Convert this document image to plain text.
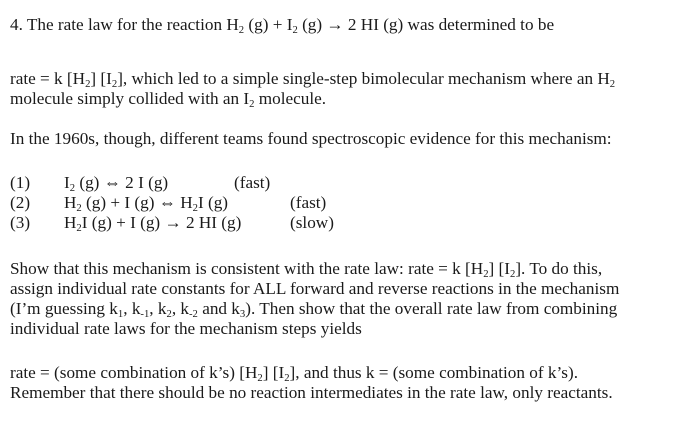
4. The rate law for the reaction $H_2$ $(g) + I_2$ (g) → 2 HI (g) was determined to be
rate = k $[H_2]$ $[I_2]$, which led to a simple single-step bimolecular mechanism where an $H_2$
molecule simply collided with an $I_2$ molecule.
In the 1960s, though, different teams found spectroscopic evidence for this mechanism:
(1) $I_2$ (g) ⇔ 2 I (g)	(fast)
(2) $H_2$ (g) + I (g) ⇔ $H_2I$ (g)	(fast)
(3) $H_2I$ (g) + I (g) → 2 HI (g)	(slow)
Show that this mechanism is consistent with the rate law: rate = k $[H_2]$ $[I_2]$. To do this,
assign individual rate constants for ALL forward and reverse reactions in the mechanism
(I’m guessing $k_1$, $k_{-1}$, $k_2$, $k_{-2}$ and $k_3$). Then show that the overall rate law from combining
individual rate laws for the mechanism steps yields
rate = (some combination of k’s) $[H_2]$ $[I_2]$, and thus k = (some combination of k’s).
Remember that there should be no reaction intermediates in the rate law, only reactants.
